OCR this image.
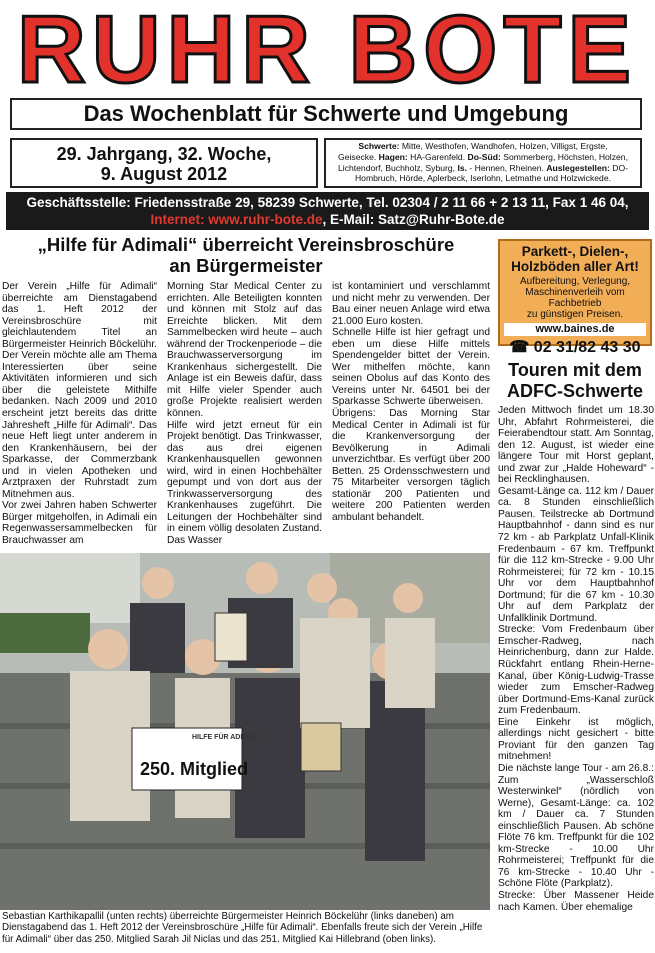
RUHR BOTE
Das Wochenblatt für Schwerte und Umgebung
29. Jahrgang, 32. Woche,
9. August 2012
Schwerte: Mitte, Westhofen, Wandhofen, Holzen, Villigst, Ergste,
Geisecke. Hagen: HA-Garenfeld. Do-Süd: Sommerberg, Höchsten, Holzen,
Lichtendorf, Buchholz, Syburg, Is. - Hennen, Rheinen. Auslegestellen: DO-
Hombruch, Hörde, Aplerbeck, Iserlohn, Letmathe und Holzwickede.
Geschäftsstelle: Friedensstraße 29, 58239 Schwerte, Tel. 02304 / 2 11 66 + 2 13 11, Fax 1 46 04,
Internet: www.ruhr-bote.de, E-Mail: Satz@Ruhr-Bote.de
„Hilfe für Adimali“ überreicht Vereinsbroschüre
an Bürgermeister

Der Verein „Hilfe für Adimali“ überreichte am Dienstagabend das 1. Heft 2012 der Vereinsbroschüre mit gleichlautendem Titel an Bürgermeister Heinrich Böckelühr. Der Verein möchte alle am Thema Interessierten über seine Aktivitäten informieren und sich über die geleistete Mithilfe bedanken. Nach 2009 und 2010 erscheint jetzt bereits das dritte Jahresheft „Hilfe für Adimali“. Das neue Heft liegt unter anderem in den Krankenhäusern, bei der Sparkasse, der Commerzbank und in vielen Apotheken und Arztpraxen der Ruhrstadt zum Mitnehmen aus.

Vor zwei Jahren haben Schwerter Bürger mitgeholfen, in Adimali ein Regenwassersammelbecken für Brauchwasser am

Morning Star Medical Center zu errichten. Alle Beteiligten konnten und können mit Stolz auf das Erreichte blicken. Mit dem Sammelbecken wird heute – auch während der Trockenperiode – die Brauchwasserversorgung im Krankenhaus sichergestellt. Die Anlage ist ein Beweis dafür, dass mit Hilfe vieler Spender auch große Projekte realisiert werden können.

Hilfe wird jetzt erneut für ein Projekt benötigt. Das Trinkwasser, das aus drei eigenen Krankenhausquellen gewonnen wird, wird in einen Hochbehälter gepumpt und von dort aus der Trinkwasserversorgung des Krankenhauses zugeführt. Die Leitungen der Hochbehälter sind in einem völlig desolaten Zustand. Das Wasser

ist kontaminiert und verschlammt und nicht mehr zu verwenden. Der Bau einer neuen Anlage wird etwa 21.000 Euro kosten.

Schnelle Hilfe ist hier gefragt und eben um diese Hilfe mittels Spendengelder bittet der Verein. Wer mithelfen möchte, kann seinen Obolus auf das Konto des Vereins unter Nr. 64501 bei der Sparkasse Schwerte überweisen.

Übrigens: Das Morning Star Medical Center in Adimali ist für die Krankenversorgung der Bevölkerung in Adimali unverzichtbar. Es verfügt über 200 Betten. 25 Ordensschwestern und 75 Mitarbeiter versorgen täglich stationär 200 Patienten und weitere 200 Patienten werden ambulant behandelt.

HILFE FÜR ADIMALI
250. Mitglied
Sebastian Karthikapallil (unten rechts) überreichte Bürgermeister Heinrich Böckelühr (links daneben) am Dienstagabend das 1. Heft 2012 der Vereinsbroschüre „Hilfe für Adimali“. Ebenfalls freute sich der Verein „Hilfe für Adimali“ über das 250. Mitglied Sarah Jil Niclas und das 251. Mitglied Kai Hillebrand (oben links).
Parkett-, Dielen-,
Holzböden aller Art!
Aufbereitung, Verlegung,
Maschinenverleih vom Fachbetrieb
zu günstigen Preisen.
www.baines.de
☎ 02 31/82 43 30
Touren mit dem
ADFC-Schwerte

Jeden Mittwoch findet um 18.30 Uhr, Abfahrt Rohrmeisterei, die Feierabendtour statt. Am Sonntag, den 12. August, ist wieder eine längere Tour mit Horst geplant, und zwar zur „Halde Hoheward“ - bei Recklinghausen.

Gesamt-Länge ca. 112 km / Dauer ca. 8 Stunden einschließlich Pausen. Teilstrecke ab Dortmund Hauptbahnhof - dann sind es nur 72 km - ab Parkplatz Unfall-Klinik Fredenbaum - 67 km. Treffpunkt für die 112 km-Strecke - 9.00 Uhr Rohrmeisterei; für 72 km - 10.15 Uhr vor dem Hauptbahnhof Dortmund; für die 67 km - 10.30 Uhr auf dem Parkplatz der Unfallklinik Dortmund.

Strecke: Vom Fredenbaum über Emscher-Radweg, nach Heinrichenburg, dann zur Halde. Rückfahrt entlang Rhein-Herne-Kanal, über König-Ludwig-Trasse wieder zum Emscher-Radweg über Dortmund-Ems-Kanal zurück zum Fredenbaum.

Eine Einkehr ist möglich, allerdings nicht gesichert - bitte Proviant für den ganzen Tag mitnehmen!

Die nächste lange Tour - am 26.8.: Zum „Wasserschloß Westerwinkel“ (nördlich von Werne), Gesamt-Länge: ca. 102 km / Dauer ca. 7 Stunden einschließlich Pausen. Ab schöne Flöte 76 km. Treffpunkt für die 102 km-Strecke - 10.00 Uhr Rohrmeisterei; Treffpunkt für die 76 km-Strecke - 10.40 Uhr - Schöne Flöte (Parkplatz).

Strecke: Über Massener Heide nach Kamen. Über ehemalige
